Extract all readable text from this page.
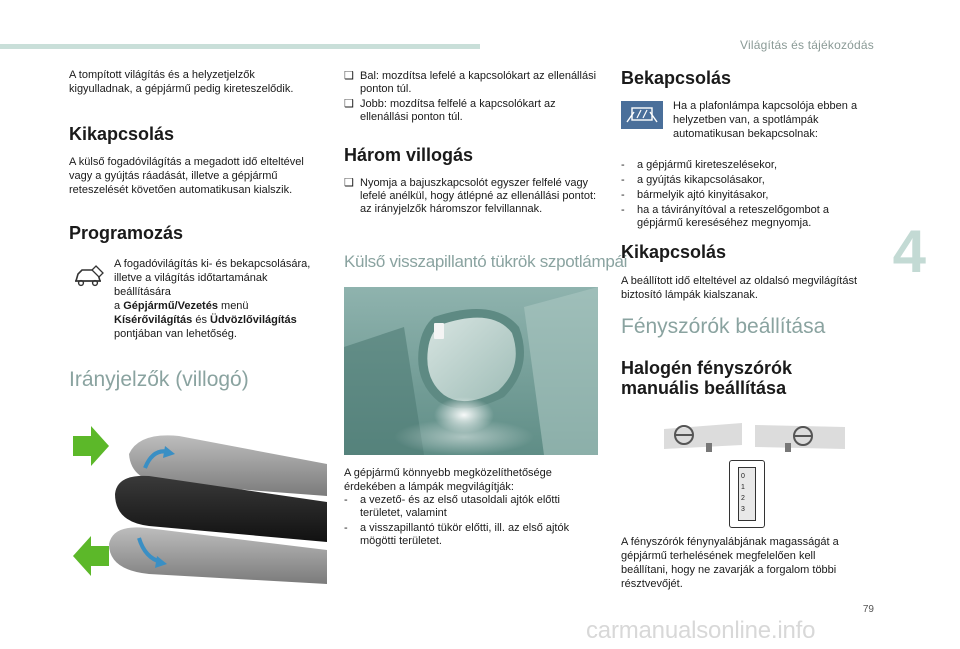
Világítás és tájékozódás
4
79
A tompított világítás és a helyzetjelzők kigyulladnak, a gépjármű pedig kireteszelődik.
Kikapcsolás
A külső fogadóvilágítás a megadott idő elteltével vagy a gyújtás ráadását, illetve a gépjármű reteszelését követően automatikusan kialszik.
Programozás
A fogadóvilágítás ki- és bekapcsolására, illetve a világítás időtartamának beállítására
a Gépjármű/Vezetés menü
Kísérővilágítás és Üdvözlővilágítás
pontjában van lehetőség.
Irányjelzők (villogó)
❑ Bal: mozdítsa lefelé a kapcsolókart az ellenállási ponton túl.
❑ Jobb: mozdítsa felfelé a kapcsolókart az ellenállási ponton túl.
Három villogás
❑ Nyomja a bajuszkapcsolót egyszer felfelé vagy lefelé anélkül, hogy átlépné az ellenállási pontot: az irányjelzők háromszor felvillannak.
Külső visszapillantó tükrök szpotlámpái
A gépjármű könnyebb megközelíthetősége érdekében a lámpák megvilágítják:
- a vezető- és az első utasoldali ajtók előtti területet, valamint
- a visszapillantó tükör előtti, ill. az első ajtók mögötti területet.
Bekapcsolás
Ha a plafonlámpa kapcsolója ebben a helyzetben van, a spotlámpák automatikusan bekapcsolnak:
- a gépjármű kireteszelésekor,
- a gyújtás kikapcsolásakor,
- bármelyik ajtó kinyitásakor,
- ha a távirányítóval a reteszelőgombot a gépjármű kereséséhez megnyomja.
Kikapcsolás
A beállított idő elteltével az oldalsó megvilágítást biztosító lámpák kialszanak.
Fényszórók beállítása
Halogén fényszórók
manuális beállítása
0
1
2
3
A fényszórók fénynyalábjának magasságát a gépjármű terhelésének megfelelően kell beállítani, hogy ne zavarják a forgalom többi résztvevőjét.
carmanualsonline.info
